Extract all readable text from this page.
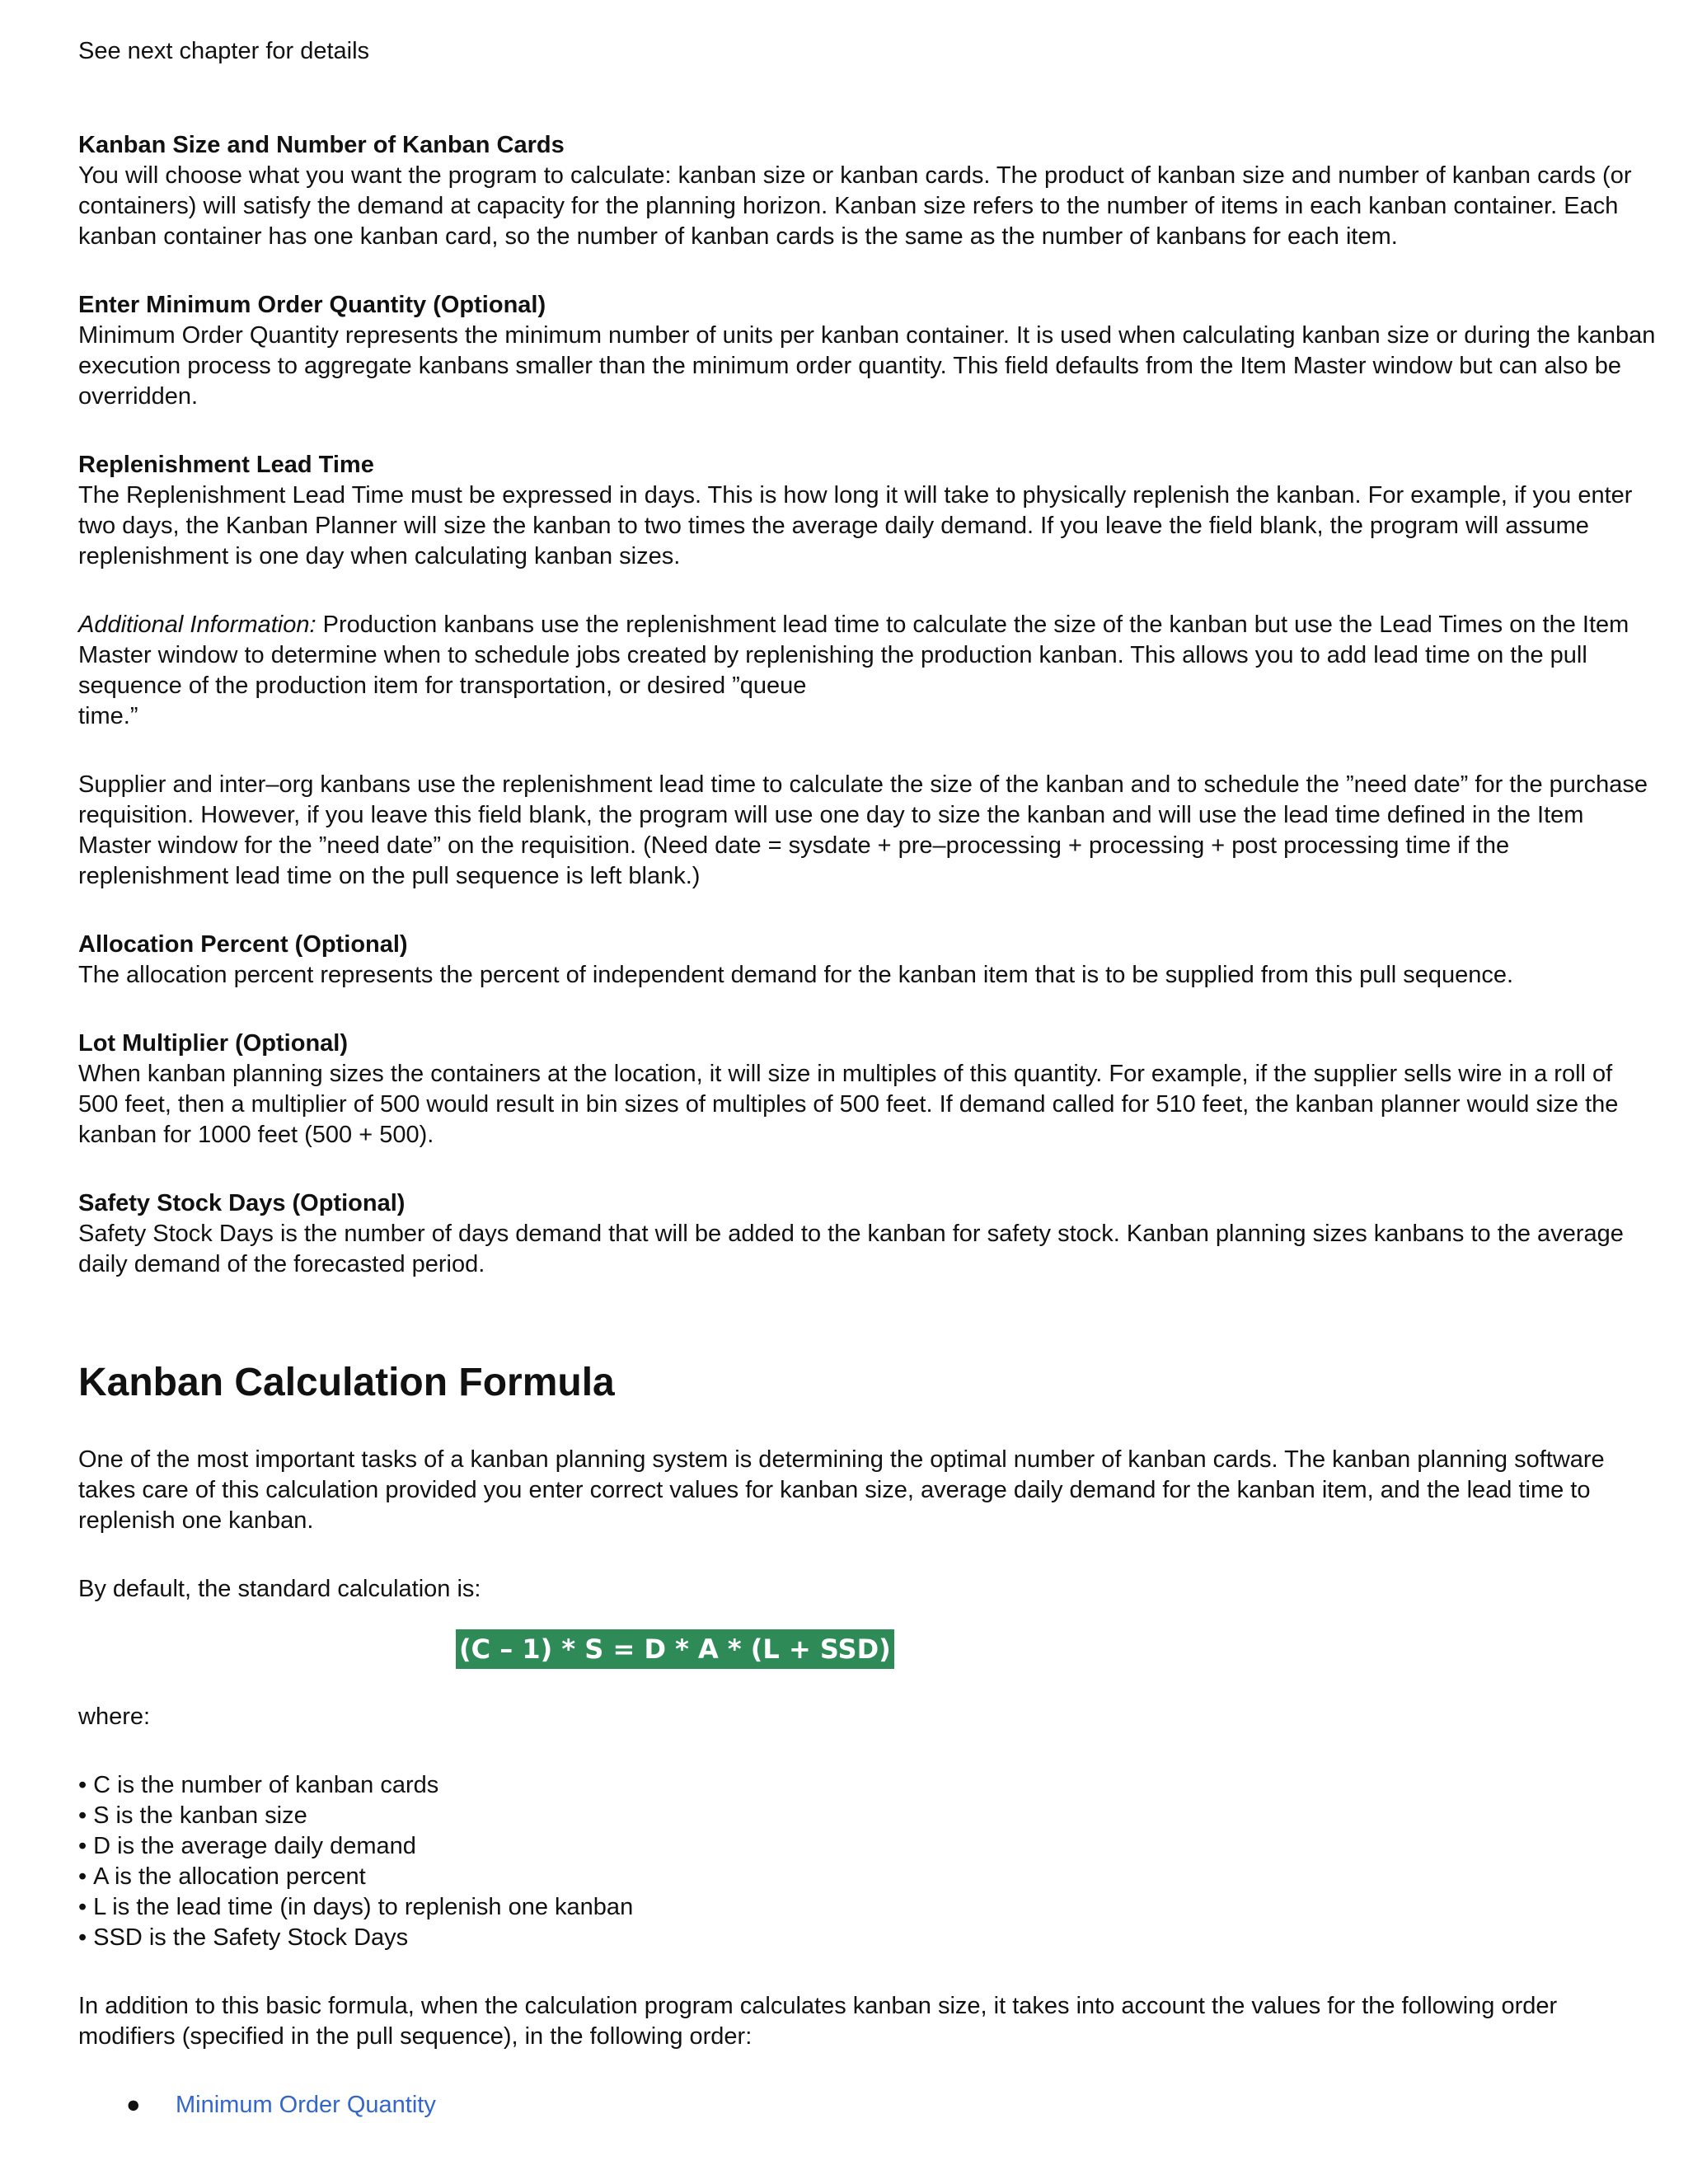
See next chapter for details

Kanban Size and Number of Kanban Cards

You will choose what you want the program to calculate: kanban size or kanban cards. The product of kanban size and number of kanban cards (or containers) will satisfy the demand at capacity for the planning horizon. Kanban size refers to the number of items in each kanban container. Each kanban container has one kanban card, so the number of kanban cards is the same as the number of kanbans for each item.

Enter Minimum Order Quantity (Optional)

Minimum Order Quantity represents the minimum number of units per kanban container. It is used when calculating kanban size or during the kanban execution process to aggregate kanbans smaller than the minimum order quantity. This field defaults from the Item Master window but can also be overridden.

Replenishment Lead Time

The Replenishment Lead Time must be expressed in days. This is how long it will take to physically replenish the kanban. For example, if you enter two days, the Kanban Planner will size the kanban to two times the average daily demand. If you leave the field blank, the program will assume replenishment is one day when calculating kanban sizes.

Additional Information: Production kanbans use the replenishment lead time to calculate the size of the kanban but use the Lead Times on the Item Master window to determine when to schedule jobs created by replenishing the production kanban. This allows you to add lead time on the pull sequence of the production item for transportation, or desired ”queue
time.”

Supplier and inter–org kanbans use the replenishment lead time to calculate the size of the kanban and to schedule the ”need date” for the purchase requisition. However, if you leave this field blank, the program will use one day to size the kanban and will use the lead time defined in the Item Master window for the ”need date” on the requisition. (Need date = sysdate + pre–processing + processing + post processing time if the replenishment lead time on the pull sequence is left blank.)

Allocation Percent (Optional)

The allocation percent represents the percent of independent demand for the kanban item that is to be supplied from this pull sequence.

Lot Multiplier (Optional)

When kanban planning sizes the containers at the location, it will size in multiples of this quantity. For example, if the supplier sells wire in a roll of 500 feet, then a multiplier of 500 would result in bin sizes of multiples of 500 feet. If demand called for 510 feet, the kanban planner would size the kanban for 1000 feet (500 + 500).

Safety Stock Days (Optional)

Safety Stock Days is the number of days demand that will be added to the kanban for safety stock. Kanban planning sizes kanbans to the average daily demand of the forecasted period.

Kanban Calculation Formula

One of the most important tasks of a kanban planning system is determining the optimal number of kanban cards. The kanban planning software takes care of this calculation provided you enter correct values for kanban size, average daily demand for the kanban item, and the lead time to replenish one kanban.

By default, the standard calculation is:

(C – 1) * S = D * A * (L + SSD)

where:

• C is the number of kanban cards
• S is the kanban size
• D is the average daily demand
• A is the allocation percent
• L is the lead time (in days) to replenish one kanban
• SSD is the Safety Stock Days

In addition to this basic formula, when the calculation program calculates kanban size, it takes into account the values for the following order modifiers (specified in the pull sequence), in the following order:

● Minimum Order Quantity
